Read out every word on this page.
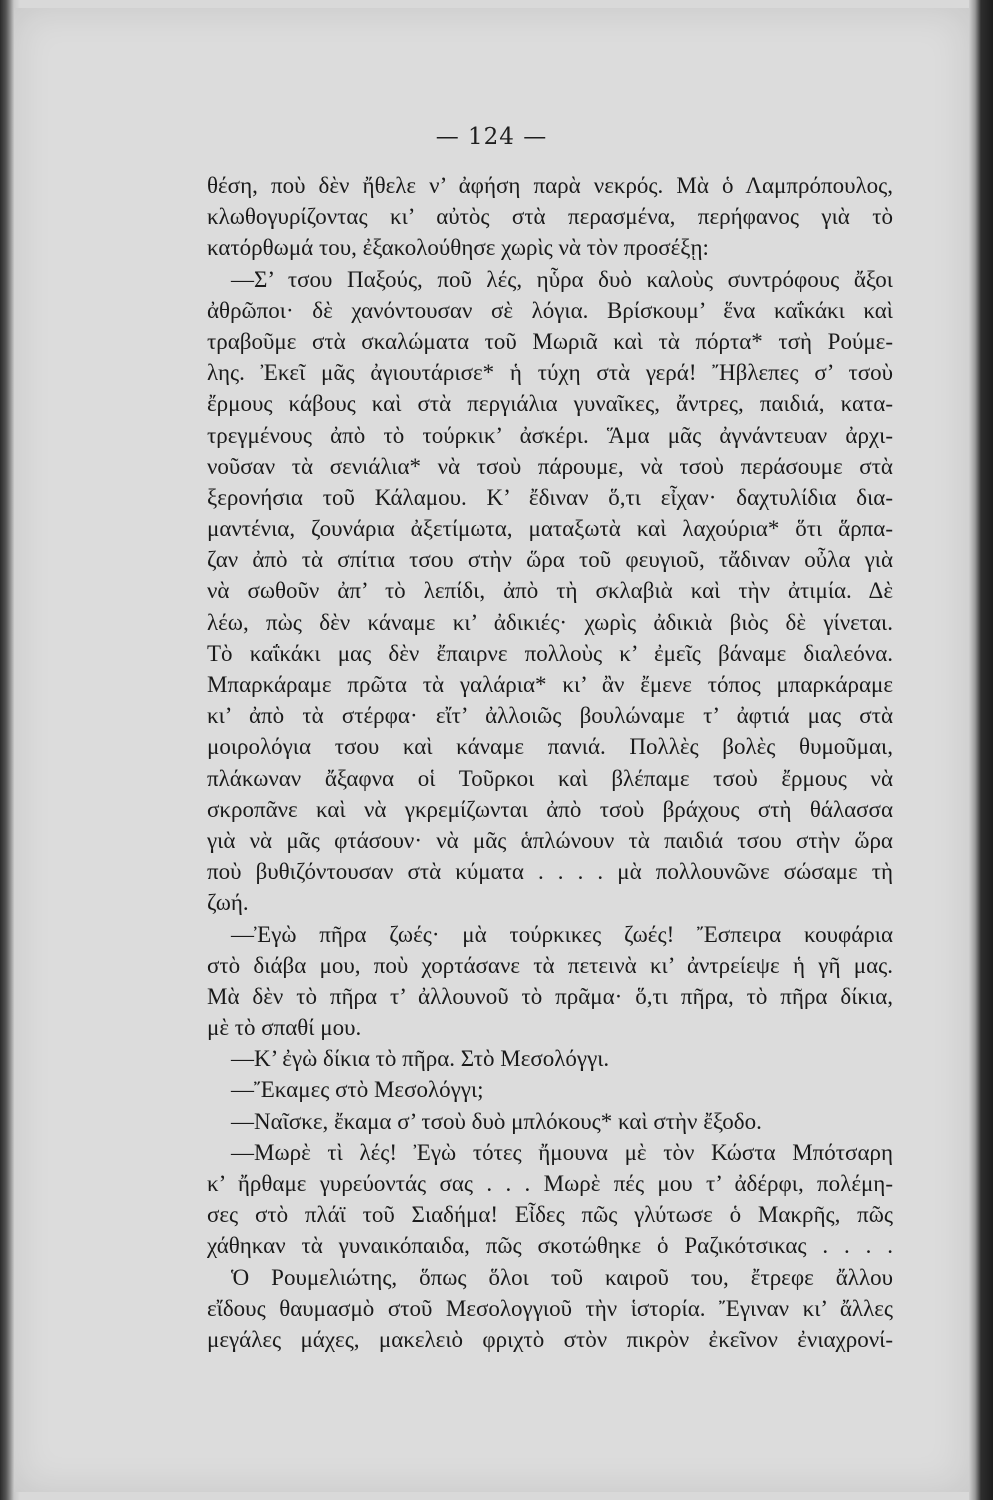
— 124 —
θέση, ποὺ δὲν ἤθελε ν’ ἀφήση παρὰ νεκρός. Μὰ ὁ Λαμπρόπουλος,
κλωθογυρίζοντας κι’ αὐτὸς στὰ περασμένα, περήφανος γιὰ τὸ
κατόρθωμά του, ἐξακολούθησε χωρὶς νὰ τὸν προσέξῃ:
—Σ’ τσου Παξούς, ποῦ λές, ηὗρα δυὸ καλοὺς συντρόφους ἄξοι
ἀθρῶποι· δὲ χανόντουσαν σὲ λόγια. Βρίσκουμ’ ἕνα καΐκάκι καὶ
τραβοῦμε στὰ σκαλώματα τοῦ Μωριᾶ καὶ τὰ πόρτα* τσὴ Ρούμε-
λης. Ἐκεῖ μᾶς ἀγιουτάρισε* ἡ τύχη στὰ γερά! Ἤβλεπες σ’ τσοὺ
ἔρμους κάβους καὶ στὰ περγιάλια γυναῖκες, ἄντρες, παιδιά, κατα-
τρεγμένους ἀπὸ τὸ τούρκικ’ ἀσκέρι. Ἅμα μᾶς ἀγνάντευαν ἀρχι-
νοῦσαν τὰ σενιάλια* νὰ τσοὺ πάρουμε, νὰ τσοὺ περάσουμε στὰ
ξερονήσια τοῦ Κάλαμου. Κ’ ἔδιναν ὅ,τι εἶχαν· δαχτυλίδια δια-
μαντένια, ζουνάρια ἀξετίμωτα, ματαξωτὰ καὶ λαχούρια* ὅτι ἅρπα-
ζαν ἀπὸ τὰ σπίτια τσου στὴν ὥρα τοῦ φευγιοῦ, τἄδιναν οὖλα γιὰ
νὰ σωθοῦν ἀπ’ τὸ λεπίδι, ἀπὸ τὴ σκλαβιὰ καὶ τὴν ἀτιμία. Δὲ
λέω, πὼς δὲν κάναμε κι’ ἀδικιές· χωρὶς ἀδικιὰ βιὸς δὲ γίνεται.
Τὸ καΐκάκι μας δὲν ἔπαιρνε πολλοὺς κ’ ἐμεῖς βάναμε διαλεόνα.
Μπαρκάραμε πρῶτα τὰ γαλάρια* κι’ ἂν ἔμενε τόπος μπαρκάραμε
κι’ ἀπὸ τὰ στέρφα· εἴτ’ ἀλλοιῶς βουλώναμε τ’ ἀφτιά μας στὰ
μοιρολόγια τσου καὶ κάναμε πανιά. Πολλὲς βολὲς θυμοῦμαι,
πλάκωναν ἄξαφνα οἱ Τοῦρκοι καὶ βλέπαμε τσοὺ ἔρμους νὰ
σκροπᾶνε καὶ νὰ γκρεμίζωνται ἀπὸ τσοὺ βράχους στὴ θάλασσα
γιὰ νὰ μᾶς φτάσουν· νὰ μᾶς ἁπλώνουν τὰ παιδιά τσου στὴν ὥρα
ποὺ βυθιζόντουσαν στὰ κύματα . . . . μὰ πολλουνῶνε σώσαμε τὴ
ζωή.
—Ἐγὼ πῆρα ζωές· μὰ τούρκικες ζωές! Ἔσπειρα κουφάρια
στὸ διάβα μου, ποὺ χορτάσανε τὰ πετεινὰ κι’ ἀντρείεψε ἡ γῆ μας.
Μὰ δὲν τὸ πῆρα τ’ ἀλλουνοῦ τὸ πρᾶμα· ὅ,τι πῆρα, τὸ πῆρα δίκια,
μὲ τὸ σπαθί μου.
—Κ’ ἐγὼ δίκια τὸ πῆρα. Στὸ Μεσολόγγι.
—Ἔκαμες στὸ Μεσολόγγι;
—Ναῖσκε, ἔκαμα σ’ τσοὺ δυὸ μπλόκους* καὶ στὴν ἔξοδο.
—Μωρὲ τὶ λές! Ἐγὼ τότες ἤμουνα μὲ τὸν Κώστα Μπότσαρη
κ’ ἤρθαμε γυρεύοντάς σας . . . Μωρὲ πές μου τ’ ἀδέρφι, πολέμη-
σες στὸ πλάϊ τοῦ Σιαδήμα! Εἶδες πῶς γλύτωσε ὁ Μακρῆς, πῶς
χάθηκαν τὰ γυναικόπαιδα, πῶς σκοτώθηκε ὁ Ραζικότσικας . . . .
Ὁ Ρουμελιώτης, ὅπως ὅλοι τοῦ καιροῦ του, ἔτρεφε ἄλλου
εἴδους θαυμασμὸ στοῦ Μεσολογγιοῦ τὴν ἱστορία. Ἔγιναν κι’ ἄλλες
μεγάλες μάχες, μακελειὸ φριχτὸ στὸν πικρὸν ἐκεῖνον ἐνιαχρονί-
